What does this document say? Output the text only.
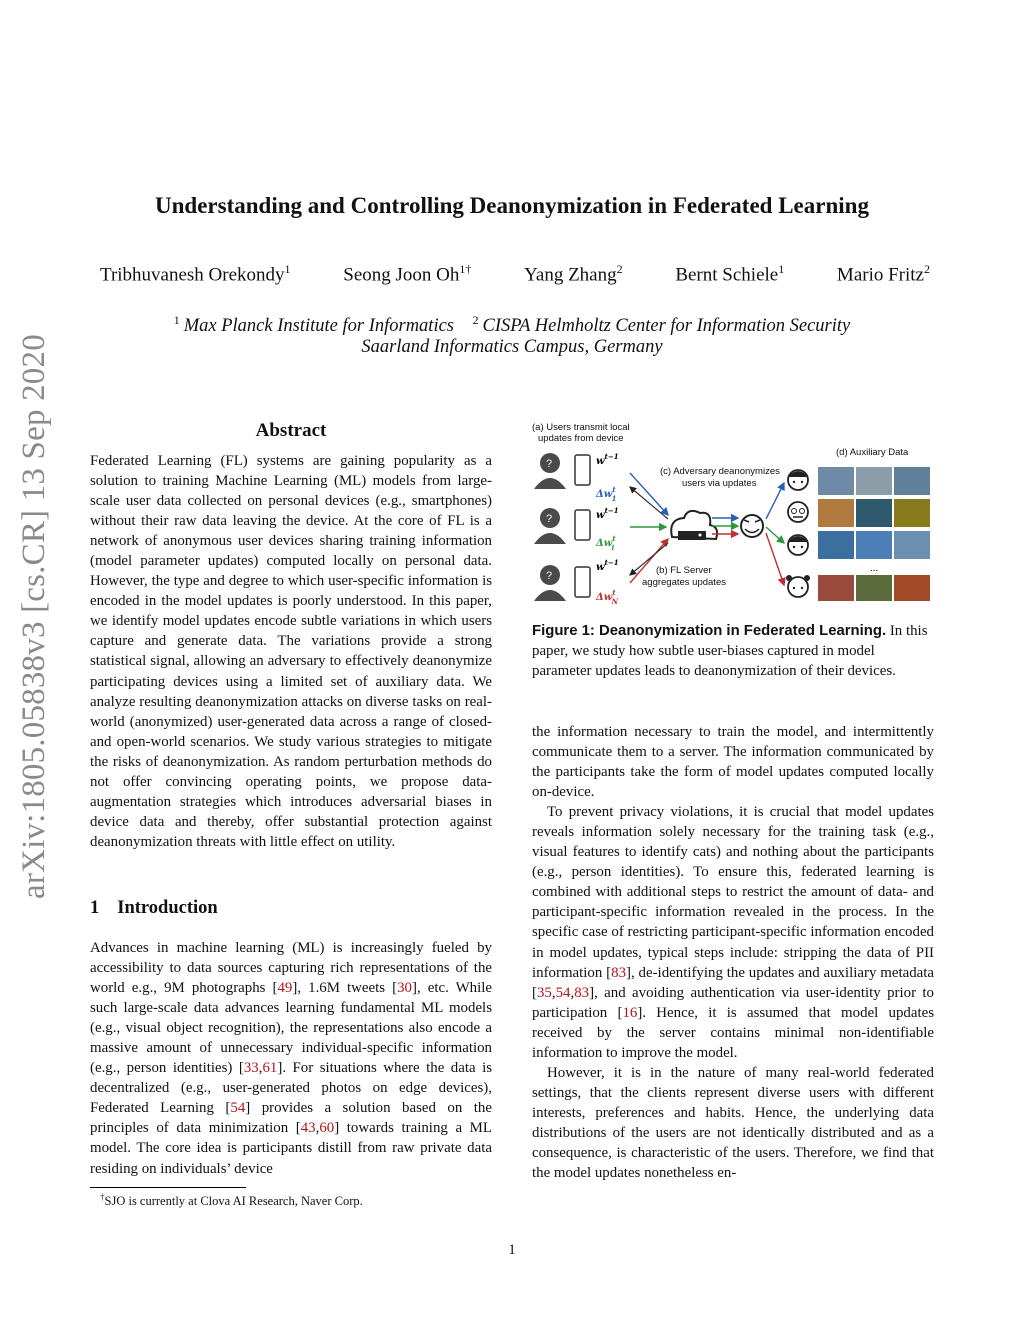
arXiv:1805.05838v3 [cs.CR] 13 Sep 2020
Understanding and Controlling Deanonymization in Federated Learning
Tribhuvanesh Orekondy$^1$	Seong Joon $Oh^{1\dagger}$	Yang Zhang$^2$	Bernt Schiele$^1$	Mario Fritz$^2$
$^1$ Max Planck Institute for Informatics $^2$ CISPA Helmholtz Center for Information Security
Saarland Informatics Campus, Germany
Abstract
Federated Learning (FL) systems are gaining popularity as a solution to training Machine Learning (ML) models from large-scale user data collected on personal devices (e.g., smartphones) without their raw data leaving the device. At the core of FL is a network of anonymous user devices sharing training information (model parameter updates) computed locally on personal data. However, the type and degree to which user-specific information is encoded in the model updates is poorly understood. In this paper, we identify model updates encode subtle variations in which users capture and generate data. The variations provide a strong statistical signal, allowing an adversary to effectively deanonymize participating devices using a limited set of auxiliary data. We analyze resulting deanonymization attacks on diverse tasks on real-world (anonymized) user-generated data across a range of closed- and open-world scenarios. We study various strategies to mitigate the risks of deanonymization. As random perturbation methods do not offer convincing operating points, we propose data-augmentation strategies which introduces adversarial biases in device data and thereby, offer substantial protection against deanonymization threats with little effect on utility.
1 Introduction
Advances in machine learning (ML) is increasingly fueled by accessibility to data sources capturing rich representations of the world e.g., 9M photographs [49], 1.6M tweets [30], etc. While such large-scale data advances learning fundamental ML models (e.g., visual object recognition), the representations also encode a massive amount of unnecessary individual-specific information (e.g., person identities) [33,61]. For situations where the data is decentralized (e.g., user-generated photos on edge devices), Federated Learning [54] provides a solution based on the principles of data minimization [43,60] towards training a ML model. The core idea is participants distill from raw private data residing on individuals’ device
†SJO is currently at Clova AI Research, Naver Corp.
(a) Users transmit local
updates from device
?	$w^{t-1}$
$\Delta w^t$ 1
?	$w^{t-1}$
$\Delta w^t$ i
?
$w^{t-1}$
$\Delta w^t$ N
(b) FL Server
aggregates updates
(c) Adversary deanonymizes
users via updates
(d) Auxiliary Data
...
Figure 1: Deanonymization in Federated Learning. In this paper, we study how subtle user-biases captured in model parameter updates leads to deanonymization of their devices.

the information necessary to train the model, and intermittently communicate them to a server. The information communicated by the participants take the form of model updates computed locally on-device.

To prevent privacy violations, it is crucial that model updates reveals information solely necessary for the training task (e.g., visual features to identify cats) and nothing about the participants (e.g., person identities). To ensure this, federated learning is combined with additional steps to restrict the amount of data- and participant-specific information revealed in the process. In the specific case of restricting participant-specific information encoded in model updates, typical steps include: stripping the data of PII information [83], de-identifying the updates and auxiliary metadata [35,54,83], and avoiding authentication via user-identity prior to participation [16]. Hence, it is assumed that model updates received by the server contains minimal non-identifiable information to improve the model.

However, it is in the nature of many real-world federated settings, that the clients represent diverse users with different interests, preferences and habits. Hence, the underlying data distributions of the users are not identically distributed and as a consequence, is characteristic of the users. Therefore, we find that the model updates nonetheless en-

1
